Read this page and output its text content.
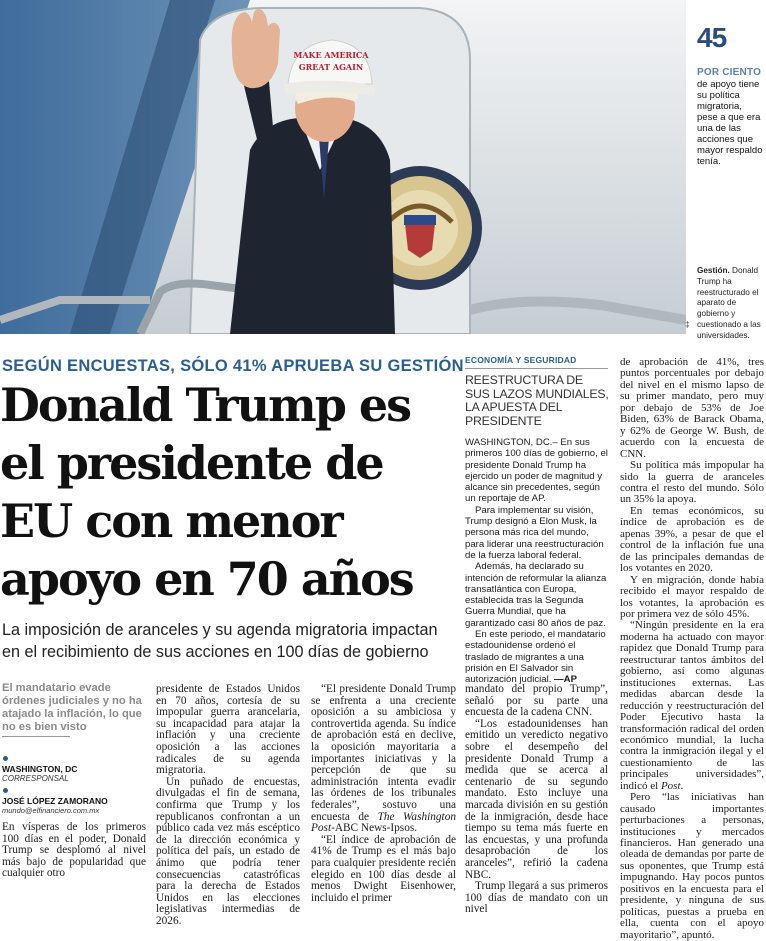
MAKE AMERICA
GREAT AGAIN
45
POR CIENTO
de apoyo tiene su política migratoria, pese a que era una de las acciones que mayor respaldo tenía.
Gestión. Donald Trump ha reestructurado el aparato de gobierno y cuestionado a las universidades.
‡
SEGÚN ENCUESTAS, SÓLO 41% APRUEBA SU GESTIÓN
Donald Trump es el presidente de EU con menor apoyo en 70 años
La imposición de aranceles y su agenda migratoria impactan en el recibimiento de sus acciones en 100 días de gobierno
El mandatario evade órdenes judiciales y no ha atajado la inflación, lo que no es bien visto
WASHINGTON, DC
CORRESPONSAL
JOSÉ LÓPEZ ZAMORANO
mundo@elfinanciero.com.mx

En vísperas de los primeros 100 días en el poder, Donald Trump se desplomó al nivel más bajo de popularidad que cualquier otro

presidente de Estados Unidos en 70 años, cortesía de su impopular guerra arancelaria, su incapacidad para atajar la inflación y una creciente oposición a las acciones radicales de su agenda migratoria.

Un puñado de encuestas, divulgadas el fin de semana, confirma que Trump y los republicanos confrontan a un público cada vez más escéptico de la dirección económica y política del país, un estado de ánimo que podría tener consecuencias catastróficas para la derecha de Estados Unidos en las elecciones legislativas intermedias de 2026.

“El presidente Donald Trump se enfrenta a una creciente oposición a su ambiciosa y controvertida agenda. Su índice de aprobación está en declive, la oposición mayoritaria a importantes iniciativas y la percepción de que su administración intenta evadir las órdenes de los tribunales federales”, sostuvo una encuesta de The Washington Post-ABC News-Ipsos.

“El índice de aprobación de 41% de Trump es el más bajo para cualquier presidente recién elegido en 100 días desde al menos Dwight Eisenhower, incluido el primer

ECONOMÍA Y SEGURIDAD
REESTRUCTURA DE SUS LAZOS MUNDIALES, LA APUESTA DEL PRESIDENTE

WASHINGTON, DC.– En sus primeros 100 días de gobierno, el presidente Donald Trump ha ejercido un poder de magnitud y alcance sin precedentes, según un reportaje de AP.

Para implementar su visión, Trump designó a Elon Musk, la persona más rica del mundo, para liderar una reestructuración de la fuerza laboral federal.

Además, ha declarado su intención de reformular la alianza transatlántica con Europa, establecida tras la Segunda Guerra Mundial, que ha garantizado casi 80 años de paz.

En este periodo, el mandatario estadounidense ordenó el traslado de migrantes a una prisión en El Salvador sin autorización judicial. —AP

mandato del propio Trump”, señaló por su parte una encuesta de la cadena CNN.

“Los estadounidenses han emitido un veredicto negativo sobre el desempeño del presidente Donald Trump a medida que se acerca al centenario de su segundo mandato. Esto incluye una marcada división en su gestión de la inmigración, desde hace tiempo su tema más fuerte en las encuestas, y una profunda desaprobación de los aranceles”, refirió la cadena NBC.

Trump llegará a sus primeros 100 días de mandato con un nivel

de aprobación de 41%, tres puntos porcentuales por debajo del nivel en el mismo lapso de su primer mandato, pero muy por debajo de 53% de Joe Biden, 63% de Barack Obama, y 62% de George W. Bush, de acuerdo con la encuesta de CNN.

Su política más impopular ha sido la guerra de aranceles contra el resto del mundo. Sólo un 35% la apoya.

En temas económicos, su índice de aprobación es de apenas 39%, a pesar de que el control de la inflación fue una de las principales demandas de los votantes en 2020.

Y en migración, donde había recibido el mayor respaldo de los votantes, la aprobación es por primera vez de sólo 45%.

“Ningún presidente en la era moderna ha actuado con mayor rapidez que Donald Trump para reestructurar tantos ámbitos del gobierno, así como algunas instituciones externas. Las medidas abarcan desde la reducción y reestructuración del Poder Ejecutivo hasta la transformación radical del orden económico mundial, la lucha contra la inmigración ilegal y el cuestionamiento de las principales universidades”, indicó el Post.

Pero “las iniciativas han causado importantes perturbaciones a personas, instituciones y mercados financieros. Han generado una oleada de demandas por parte de sus oponentes, que Trump está impugnando. Hay pocos puntos positivos en la encuesta para el presidente, y ninguna de sus políticas, puestas a prueba en ella, cuenta con el apoyo mayoritario”, apuntó.
